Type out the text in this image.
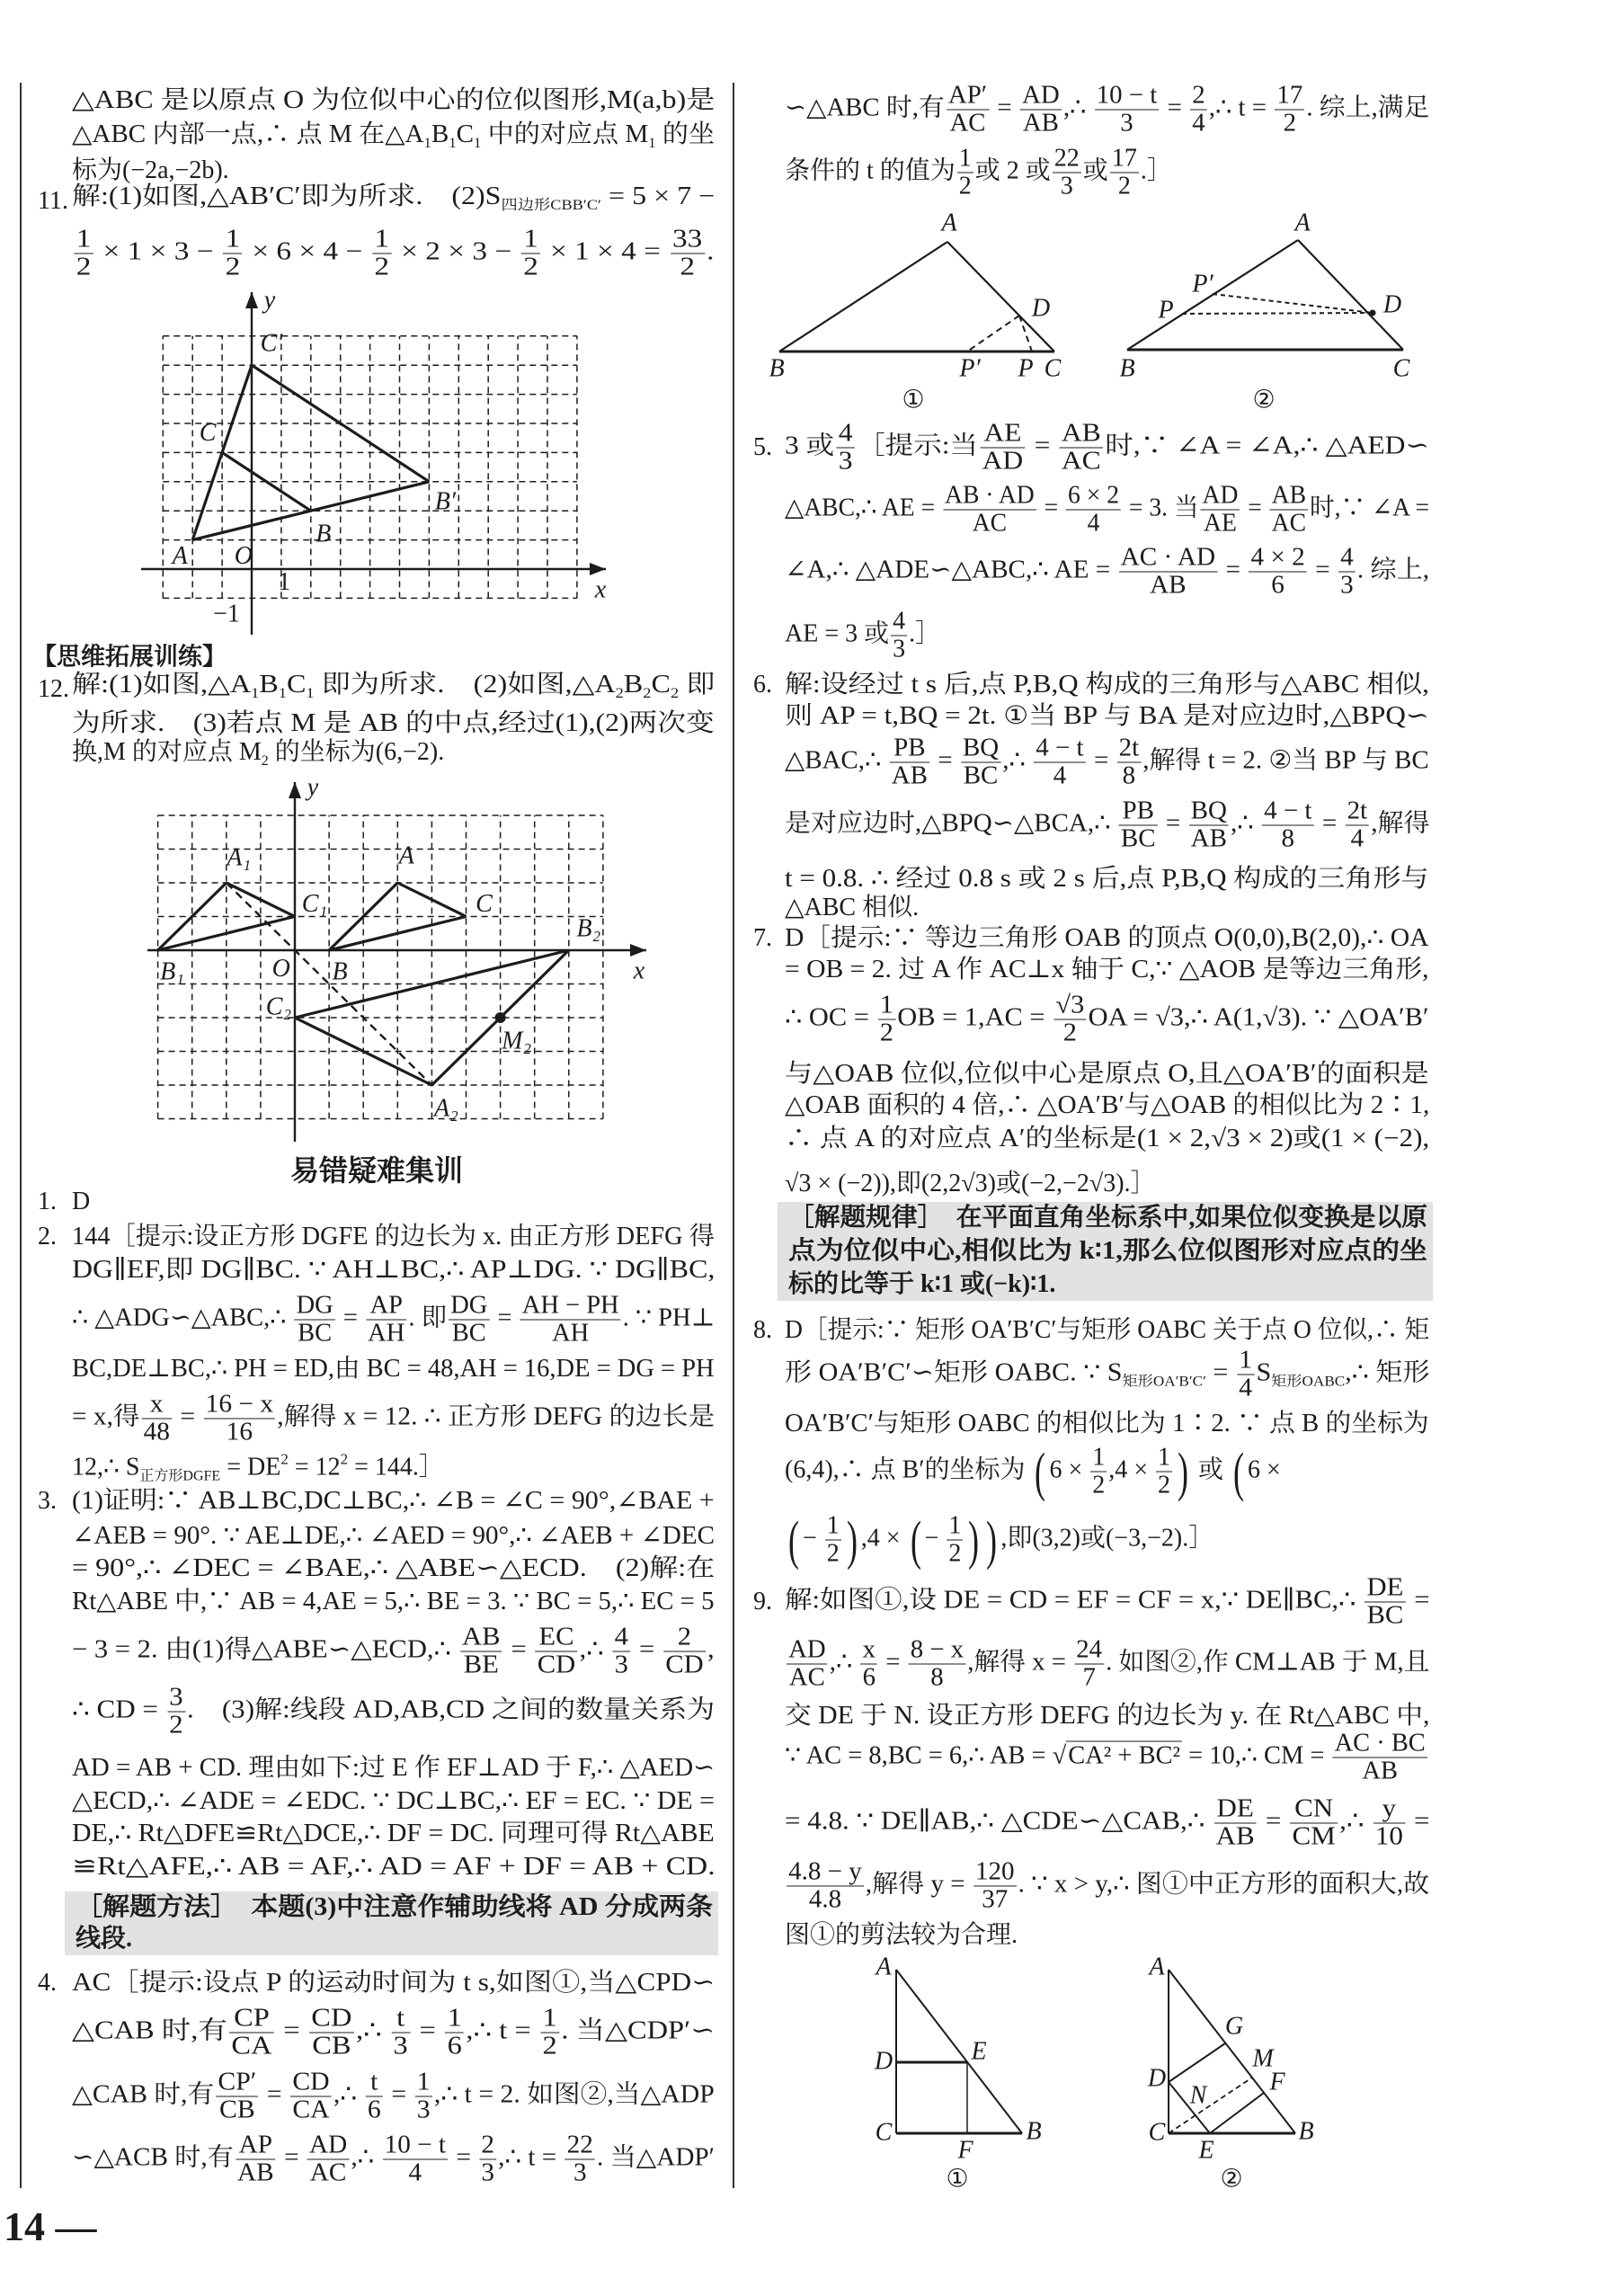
△ABC 是以原点 O 为位似中心的位似图形,M(a,b)是
△ABC 内部一点,∴ 点 M 在$\triangle A_1B_1C_1$ 中的对应点 $M_1$ 的坐
标为(−2a,−2b).
11. 解:(1)如图,△AB′C′即为所求.　$(2)S_{四边形CBB'C'} = 5 \times 7$ −
$\frac{1}{2} \times 1 \times 3 - \frac{1}{2} \times 6 \times 4 - \frac{1}{2} \times 2 \times 3 - \frac{1}{2} \times 1 \times 4 = \frac{33}{2}$ .
【思维拓展训练】
12. 解:(1)如图$,\triangle A_1B_1C_1$ 即为所求.　(2)如图$,\triangle A_2B_2C_2$ 即
为所求.　(3)若点 M 是 AB 的中点,经过(1),(2)两次变
换,M 的对应点 $M_2$ 的坐标为(6,−2).
易错疑难集训
1. D
2. 144［提示:设正方形 DGFE 的边长为 x. 由正方形 DEFG 得
DG∥EF,即 DG∥BC. ∵ AH⊥BC,∴ AP⊥DG. ∵ DG∥BC,
∴ △ADG∽△ABC,∴ $\frac{DG}{BC} = \frac{AP}{AH}$ . 即 $\frac{DG}{BC} = \frac{AH - PH}{AH}$ . ∵ PH⊥
BC,DE⊥BC,∴ PH = ED,由 BC = 48,AH = 16,DE = DG = PH
= x,得 $\frac{x}{48} = \frac{16 - x}{16}$ ,解得 x = 12. ∴ 正方形 DEFG 的边长是
12,∴ $S_{正方形DGFE} = DE^2 = 12^2$ = 144.］
3. (1)证明:∵ AB⊥BC,DC⊥BC,∴ ∠B = ∠C = 90°,∠BAE +
∠AEB = 90°. ∵ AE⊥DE,∴ ∠AED = 90°,∴ ∠AEB + ∠DEC
= 90°,∴ ∠DEC = ∠BAE,∴ △ABE∽△ECD.　(2)解:在
Rt△ABE 中,∵ AB = 4,AE = 5,∴ BE = 3. ∵ BC = 5,∴ EC = 5
− 3 = 2. 由(1)得△ABE∽△ECD,∴ $\frac{AB}{BE} = \frac{EC}{CD}$ ,∴ $\frac{4}{3} = \frac{2}{CD}$ ,
∴ CD = $\frac{3}{2}$ .　(3)解:线段 AD,AB,CD 之间的数量关系为
AD = AB + CD. 理由如下:过 E 作 EF⊥AD 于 F,∴ △AED∽
△ECD,∴ ∠ADE = ∠EDC. ∵ DC⊥BC,∴ EF = EC. ∵ DE =
DE,∴ Rt△DFE≌Rt△DCE,∴ DF = DC. 同理可得 Rt△ABE
≌Rt△AFE,∴ AB = AF,∴ AD = AF + DF = AB + CD.
［解题方法］　本题(3)中注意作辅助线将 AD 分成两条
线段.
4. AC［提示:设点 P 的运动时间为 t s,如图①,当△CPD∽
△CAB 时,有 $\frac{CP}{CA} = \frac{CD}{CB}$ ,∴ $\frac{t}{3} = \frac{1}{6}$ ,∴ $t = \frac{1}{2}$ . 当△CDP′∽
△CAB 时,有 $\frac{CP'}{CB} = \frac{CD}{CA}$ ,∴ $\frac{t}{6} = \frac{1}{3}$ ,∴ t = 2. 如图②,当△ADP
∽△ACB 时,有 $\frac{AP}{AB} = \frac{AD}{AC}$ ,∴ $\frac{10 - t}{4} = \frac{2}{3}$ ,∴ $t = \frac{22}{3}$ . 当△ADP′
∽△ABC 时,有 $\frac{AP'}{AC} = \frac{AD}{AB}$ ,∴ $\frac{10 - t}{3} = \frac{2}{4}$ ,∴ $t = \frac{17}{2}$ . 综上,满足
条件的 t 的值为 $\frac{1}{2}$ 或 2 或 $\frac{22}{3}$ 或 $\frac{17}{2}$ .］
5. 3 或 $\frac{4}{3}$ ［提示:当 $\frac{AE}{AD} = \frac{AB}{AC}$ 时,∵ ∠A = ∠A,∴ △AED∽
△ABC,∴ AE = $\frac{AB \cdot AD}{AC} = \frac{6 \times 2}{4} = 3$. 当 $\frac{AD}{AE} = \frac{AB}{AC}$ 时,∵ ∠A =
∠A,∴ △ADE∽△ABC,∴ AE = $\frac{AC \cdot AD}{AB} = \frac{4 \times 2}{6} = \frac{4}{3}$ . 综上,
AE = 3 或 $\frac{4}{3}$ .］
6. 解:设经过 t s 后,点 P,B,Q 构成的三角形与△ABC 相似,
则 AP = t,BQ = 2t. ①当 BP 与 BA 是对应边时,△BPQ∽
△BAC,∴ $\frac{PB}{AB} = \frac{BQ}{BC}$ ,∴ $\frac{4 - t}{4} = \frac{2t}{8}$ ,解得 t = 2. ②当 BP 与 BC
是对应边时,△BPQ∽△BCA,∴ $\frac{PB}{BC} = \frac{BQ}{AB}$ ,∴ $\frac{4 - t}{8} = \frac{2t}{4}$ ,解得
t = 0.8. ∴ 经过 0.8 s 或 2 s 后,点 P,B,Q 构成的三角形与
△ABC 相似.
7. D［提示:∵ 等边三角形 OAB 的顶点 O(0,0),B(2,0),∴ OA
= OB = 2. 过 A 作 AC⊥x 轴于 C,∵ △AOB 是等边三角形,
∴ OC = $\frac{1}{2}$ OB = $1,AC = \frac{√3}{2}$ OA = √3,∴ A(1,√3). ∵ △OA′B′
与△OAB 位似,位似中心是原点 O,且△OA′B′的面积是
△OAB 面积的 4 倍,∴ △OA′B′与△OAB 的相似比为 2∶1,
∴ 点 A 的对应点 A′的坐标是(1 × 2,√3 × 2)或(1 × (−2),
√3 × (−2)),即(2,2√3)或(−2,−2√3).］
［解题规律］　在平面直角坐标系中,如果位似变换是以原
点为位似中心,相似比为 k∶1,那么位似图形对应点的坐
标的比等于 k∶1 或(−k)∶1.
8. D［提示:∵ 矩形 OA′B′C′与矩形 OABC 关于点 O 位似,∴ 矩
形 OA′B′C′∽矩形 OABC. ∵ $S_{矩形OA'B'C'} = \frac{1}{4}$ $S_{矩形OABC},\therefore$ 矩形
OA′B′C′与矩形 OABC 的相似比为 1∶2. ∵ 点 B 的坐标为
(6,4),∴ 点 B′的坐标为 ( $6 \times \frac{1}{2} ,4 \times \frac{1}{2}$ ) 或 ( 6 ×
( − $\frac{1}{2}$ ) ,4 × ( − $\frac{1}{2}$ ) ) ,即(3,2)或(−3,−2).］
9. 解:如图①,设 DE = CD = EF = CF = x,∵ DE∥BC,∴ $\frac{DE}{BC}$ =
$\frac{AD}{AC}$ ,∴ $\frac{x}{6} = \frac{8 - x}{8}$ ,解得 $x = \frac{24}{7}$ . 如图②,作 CM⊥AB 于 M,且
交 DE 于 N. 设正方形 DEFG 的边长为 y. 在 Rt△ABC 中,
∵ AC = 8,BC = 6,∴ AB = √CA² + BC² = 10,∴ CM = $\frac{AC \cdot BC}{AB}$
= 4.8. ∵ DE∥AB,∴ △CDE∽△CAB,∴ $\frac{DE}{AB} = \frac{CN}{CM}$ ,∴ $\frac{y}{10}$ =
$\frac{4.8 - y}{4.8}$ ,解得 $y = \frac{120}{37}$ . ∵ x > y,∴ 图①中正方形的面积大,故
图①的剪法较为合理.
A
B
C
B′
C′
O
x
y
1
−1
A
B
C
A₁
B₁
C₁
A₂
B₂
C₂
M₂
O	x
y
A
B	C
D
P′ P
①
A
B	C
D
P′
P
②
A
B
C
D	E
F
①
A
B
C
D
E
F
G
M
N
②
14 —
